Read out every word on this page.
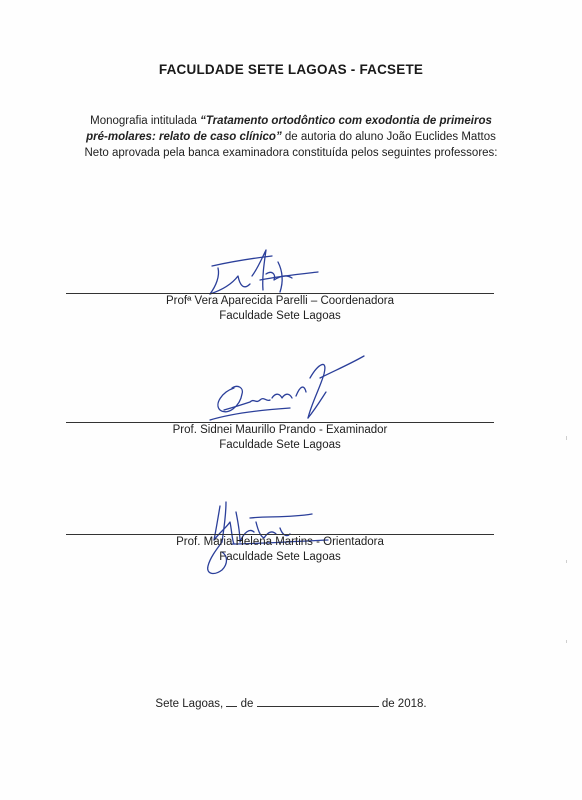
FACULDADE SETE LAGOAS - FACSETE
Monografia intitulada “Tratamento ortodôntico com exodontia de primeiros pré-molares: relato de caso clínico” de autoria do aluno João Euclides Mattos Neto aprovada pela banca examinadora constituída pelos seguintes professores:
Profª Vera Aparecida Parelli – Coordenadora
Faculdade Sete Lagoas
Prof. Sidnei Maurillo Prando - Examinador
Faculdade Sete Lagoas
Prof. Maria Helena Martins - Orientadora
Faculdade Sete Lagoas
Sete Lagoas, de	de 2018.
